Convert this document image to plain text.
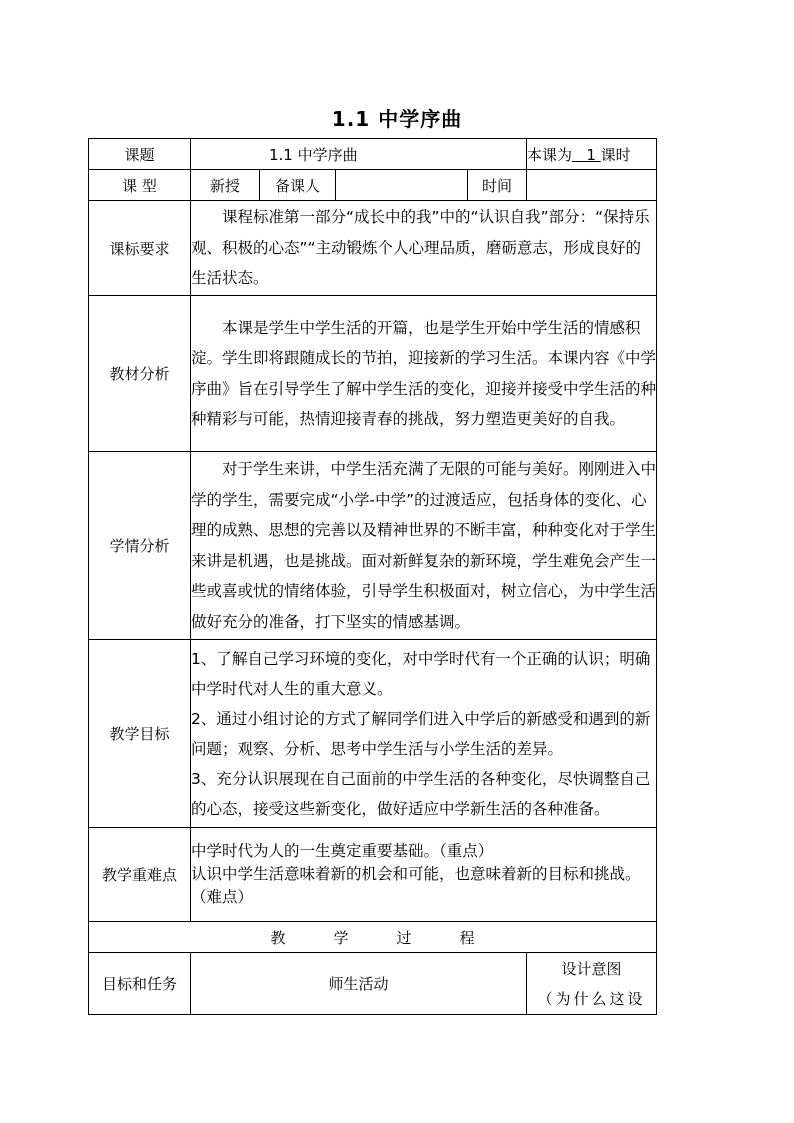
1.1 中学序曲
课题	1.1 中学序曲				本课为 1 课时
课 型	新授	备课人		时间	
课标要求	课程标准第一部分“成长中的我”中的“认识自我”部分：“保持乐观、积极的心态”“主动锻炼个人心理品质，磨砺意志，形成良好的生活状态。				

教材分析	本课是学生中学生活的开篇，也是学生开始中学生活的情感积淀。学生即将跟随成长的节拍，迎接新的学习生活。本课内容《中学序曲》旨在引导学生了解中学生活的变化，迎接并接受中学生活的种种精彩与可能，热情迎接青春的挑战，努力塑造更美好的自我。				

学情分析	对于学生来讲，中学生活充满了无限的可能与美好。刚刚进入中学的学生，需要完成“小学-中学”的过渡适应，包括身体的变化、心理的成熟、思想的完善以及精神世界的不断丰富，种种变化对于学生来讲是机遇，也是挑战。面对新鲜复杂的新环境，学生难免会产生一些或喜或忧的情绪体验，引导学生积极面对，树立信心，为中学生活做好充分的准备，打下坚实的情感基调。				

教学目标	1、了解自己学习环境的变化，对中学时代有一个正确的认识；明确中学时代对人生的重大意义。

2、通过小组讨论的方式了解同学们进入中学后的新感受和遇到的新问题；观察、分析、思考中学生活与小学生活的差异。

3、充分认识展现在自己面前的中学生活的各种变化，尽快调整自己的心态，接受这些新变化，做好适应中学新生活的各种准备。				

教学重难点	中学时代为人的一生奠定重要基础。（重点）

认识中学生活意味着新的机会和可能，也意味着新的目标和挑战。（难点）				

教 学 过 程					
目标和任务	师生活动				设计意图
（为什么这设
